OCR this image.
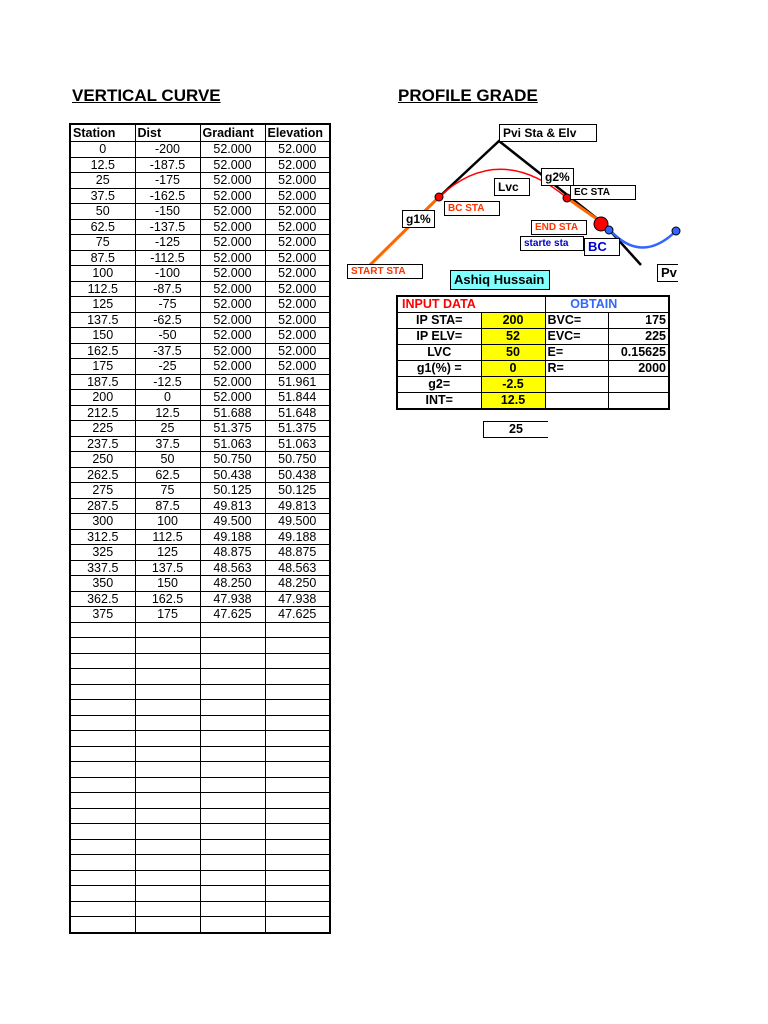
VERTICAL CURVE	PROFILE GRADE
Station	Dist	Gradiant	Elevation
0	-200	52.000	52.000
12.5	-187.5	52.000	52.000
25	-175	52.000	52.000
37.5	-162.5	52.000	52.000
50	-150	52.000	52.000
62.5	-137.5	52.000	52.000
75	-125	52.000	52.000
87.5	-112.5	52.000	52.000
100	-100	52.000	52.000
112.5	-87.5	52.000	52.000
125	-75	52.000	52.000
137.5	-62.5	52.000	52.000
150	-50	52.000	52.000
162.5	-37.5	52.000	52.000
175	-25	52.000	52.000
187.5	-12.5	52.000	51.961
200	0	52.000	51.844
212.5	12.5	51.688	51.648
225	25	51.375	51.375
237.5	37.5	51.063	51.063
250	50	50.750	50.750
262.5	62.5	50.438	50.438
275	75	50.125	50.125
287.5	87.5	49.813	49.813
300	100	49.500	49.500
312.5	112.5	49.188	49.188
325	125	48.875	48.875
337.5	137.5	48.563	48.563
350	150	48.250	48.250
362.5	162.5	47.938	47.938
375	175	47.625	47.625

Pvi Sta & Elv
g2%
Lvc	EC STA
g1%
BC STA
END STA
starte sta	BC
START STA	Pv
Ashiq Hussain
INPUT DATA		OBTAIN	
IP STA=	200	BVC=	175
IP ELV=	52	EVC=	225
LVC	50	E=	0.15625
g1(%) =	0	R=	2000
g2=	-2.5		
INT=	12.5		
25
